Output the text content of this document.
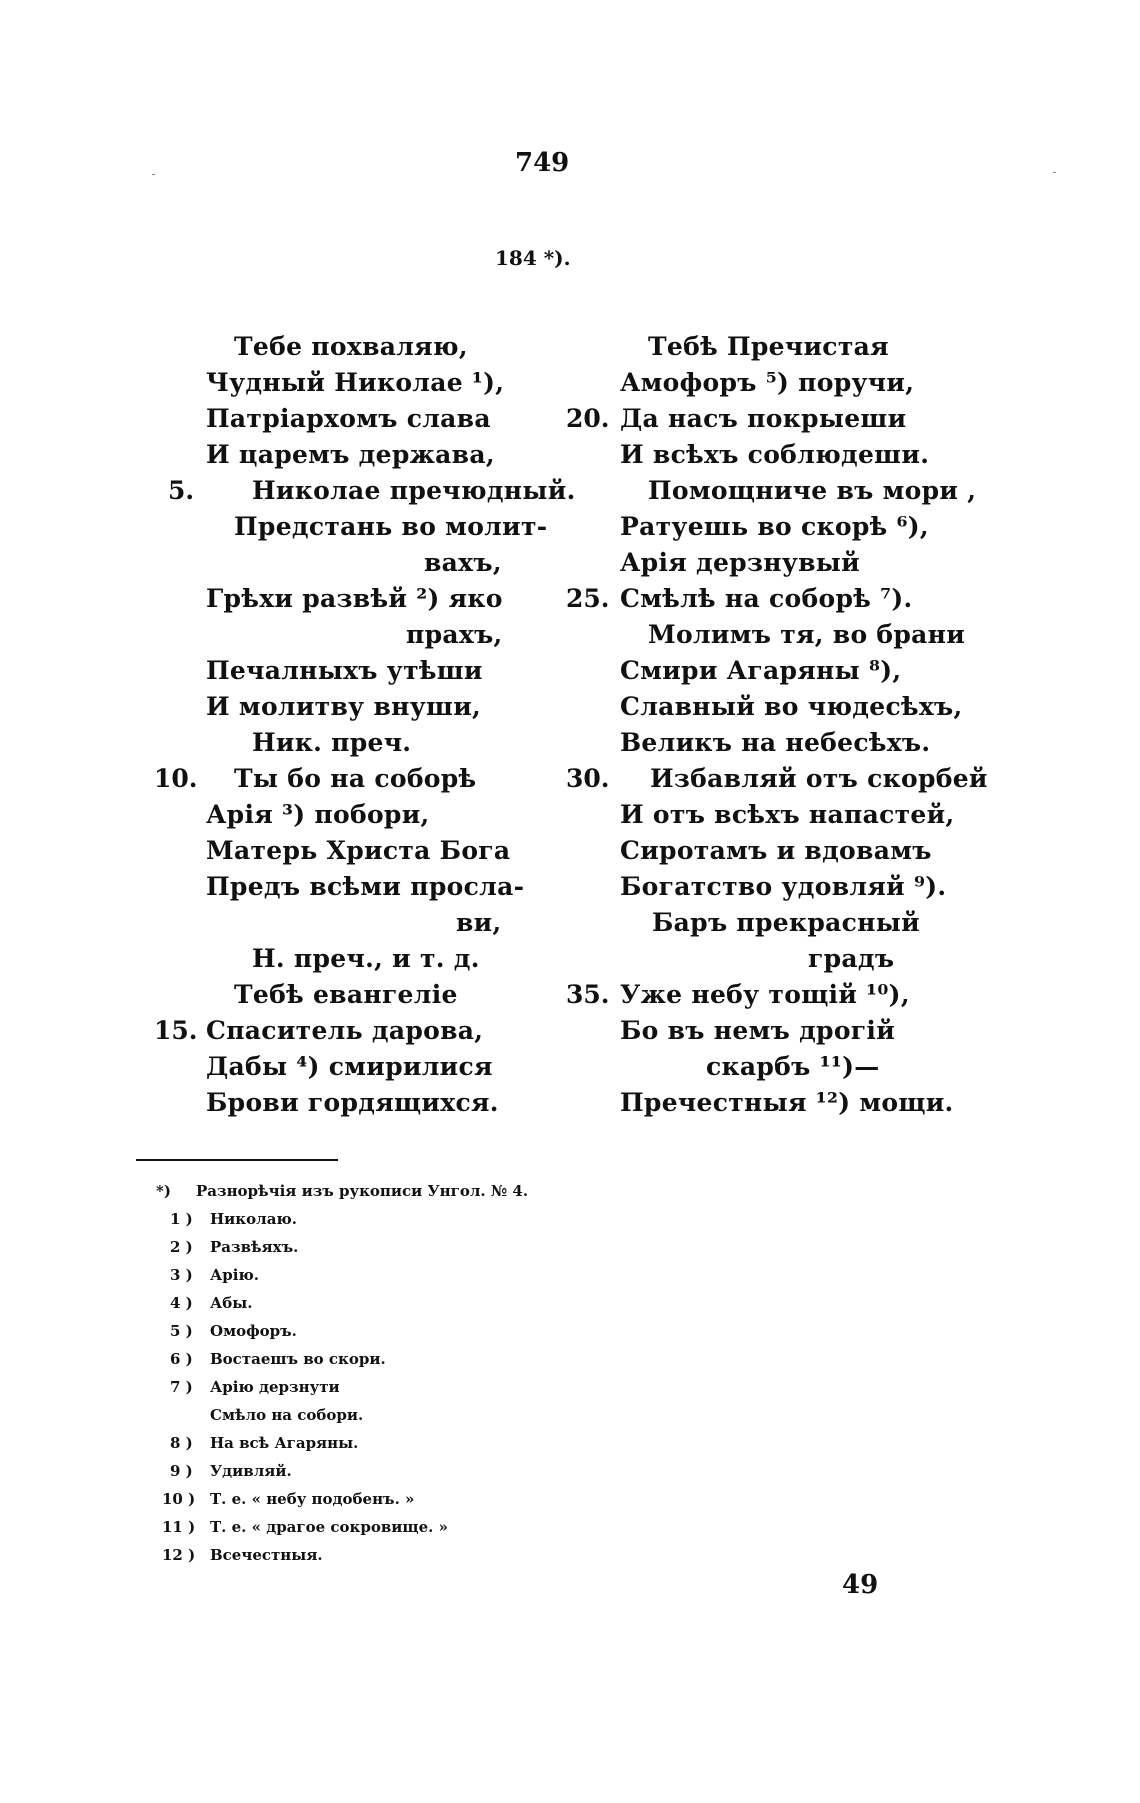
749
184 *).
Тебе похваляю,
Чудный Николае ¹),
Патріархомъ слава
И царемъ держава,
5. Николае пречюдный.
Предстань во молит-
вахъ,
Грѣхи развѣй ²) яко
прахъ,
Печалныхъ утѣши
И молитву внуши,
Ник. преч.
10. Ты бо на соборѣ
Арія ³) побори,
Матерь Христа Бога
Предъ всѣми просла-
ви,
Н. преч., и т. д.
Тебѣ евангеліе
15. Спаситель дарова,
Дабы ⁴) смирилися
Брови гордящихся.
Тебѣ Пречистая
Амофоръ ⁵) поручи,
20. Да насъ покрыеши
И всѣхъ соблюдеши.
Помощниче въ мори ,
Ратуешь во скорѣ ⁶),
Арія дерзнувый
25. Смѣлѣ на соборѣ ⁷).
Молимъ тя, во брани
Смири Агаряны ⁸),
Славный во чюдесѣхъ,
Великъ на небесѣхъ.
30. Избавляй отъ скорбей
И отъ всѣхъ напастей,
Сиротамъ и вдовамъ
Богатство удовляй ⁹).
Баръ прекрасный
градъ
35. Уже небу тощій ¹⁰),
Бо въ немъ дрогій
скарбъ ¹¹)—
Пречестныя ¹²) мощи.
*) Разнорѣчія изъ рукописи Унгол. № 4.
1 ) Николаю.
2 ) Развѣяхъ.
3 ) Арію.
4 ) Абы.
5 ) Омофоръ.
6 ) Востаешъ во скори.
7 ) Арію дерзнути
Смѣло на собори.
8 ) На всѣ Агаряны.
9 ) Удивляй.
10 ) Т. е. « небу подобенъ. »
11 ) Т. е. « драгое сокровище. »
12 ) Всечестныя.
49
